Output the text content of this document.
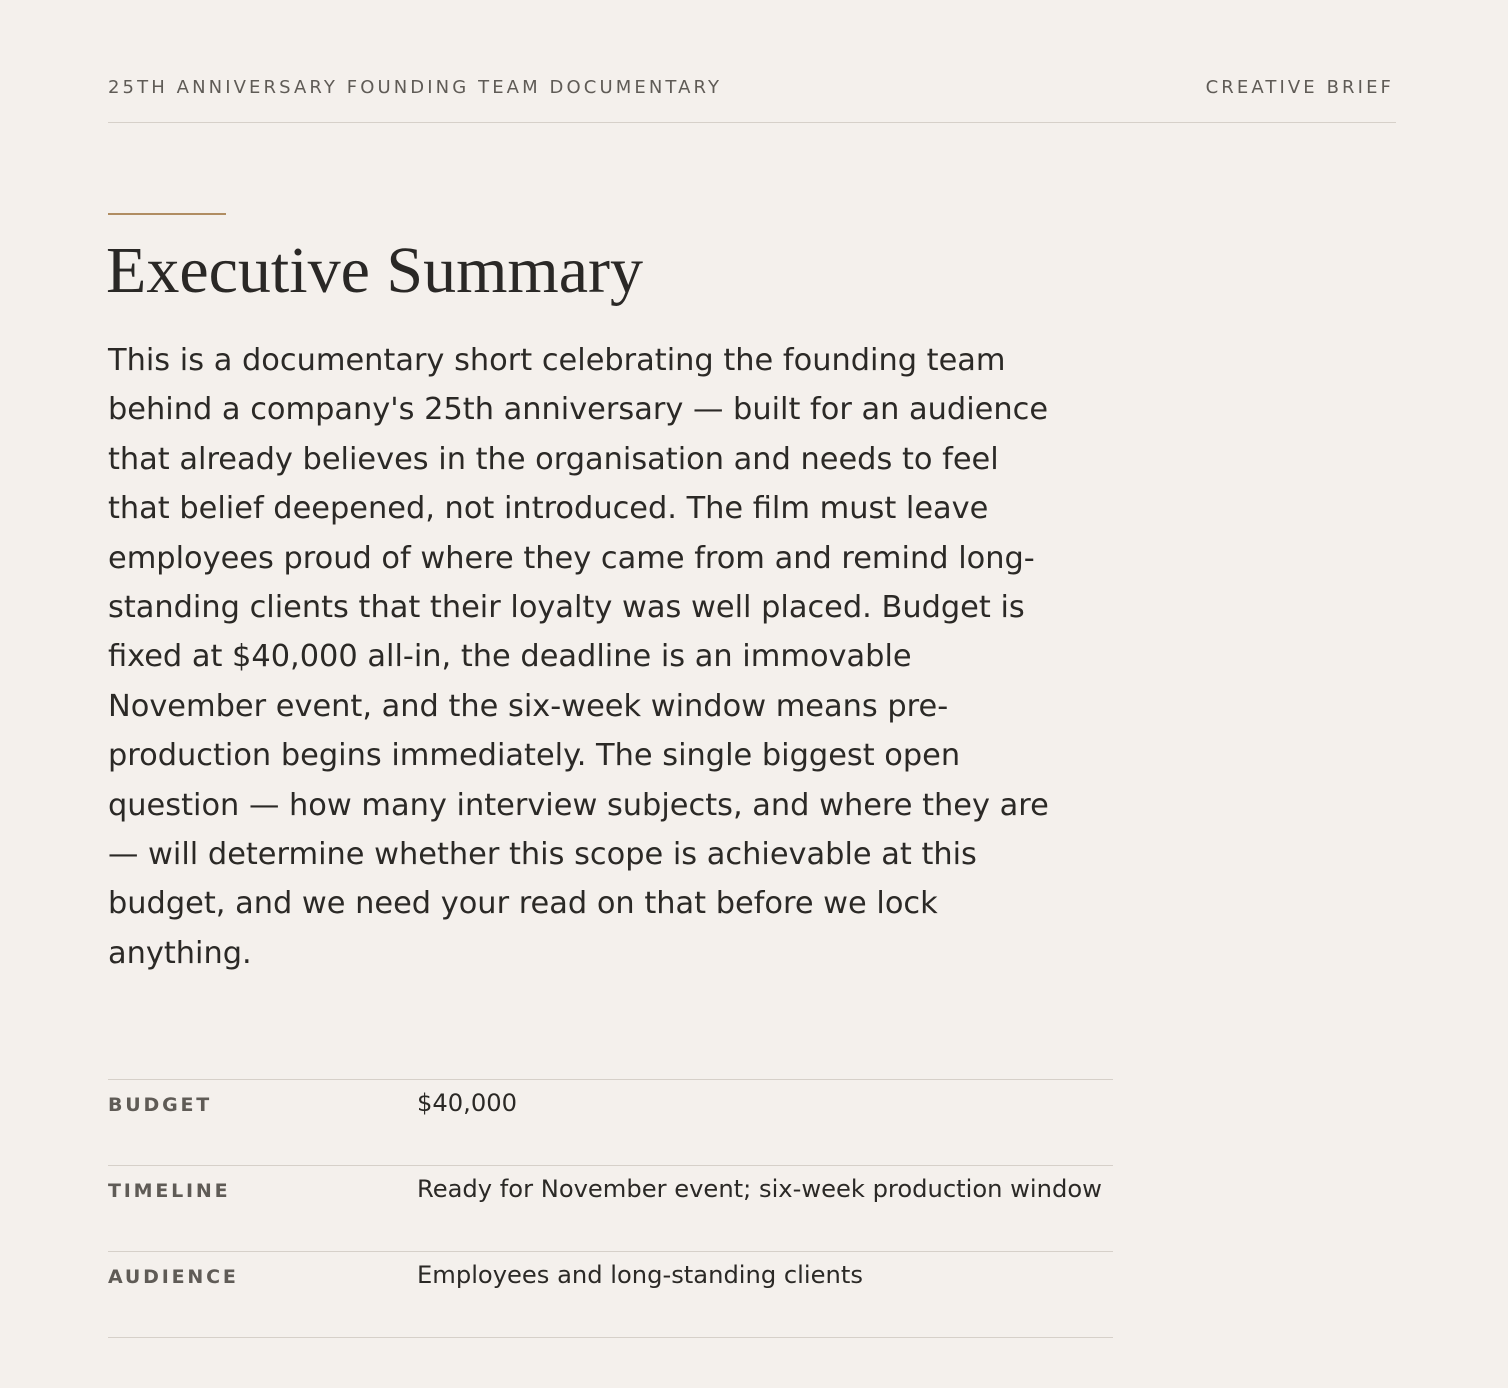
25TH ANNIVERSARY FOUNDING TEAM DOCUMENTARY	CREATIVE BRIEF
Executive Summary

This is a documentary short celebrating the founding team behind a company's 25th anniversary — built for an audience that already believes in the organisation and needs to feel that belief deepened, not introduced. The film must leave employees proud of where they came from and remind long-standing clients that their loyalty was well placed. Budget is fixed at $40,000 all-in, the deadline is an immovable November event, and the six-week window means pre-production begins immediately. The single biggest open question — how many interview subjects, and where they are — will determine whether this scope is achievable at this budget, and we need your read on that before we lock anything.

BUDGET	$40,000
TIMELINE	Ready for November event; six-week production window
AUDIENCE	Employees and long-standing clients
